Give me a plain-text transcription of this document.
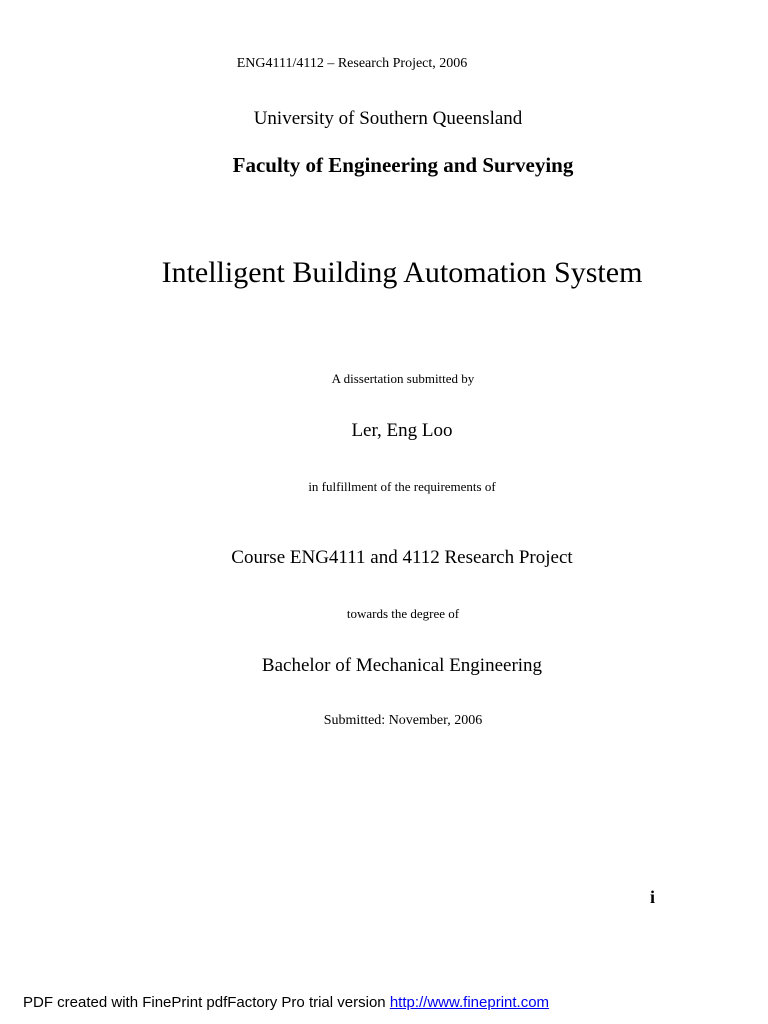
ENG4111/4112 – Research Project, 2006
University of Southern Queensland
Faculty of Engineering and Surveying
Intelligent Building Automation System
A dissertation submitted by
Ler, Eng Loo
in fulfillment of the requirements of
Course ENG4111 and 4112 Research Project
towards the degree of
Bachelor of Mechanical Engineering
Submitted: November, 2006
i
PDF created with FinePrint pdfFactory Pro trial version http://www.fineprint.com
